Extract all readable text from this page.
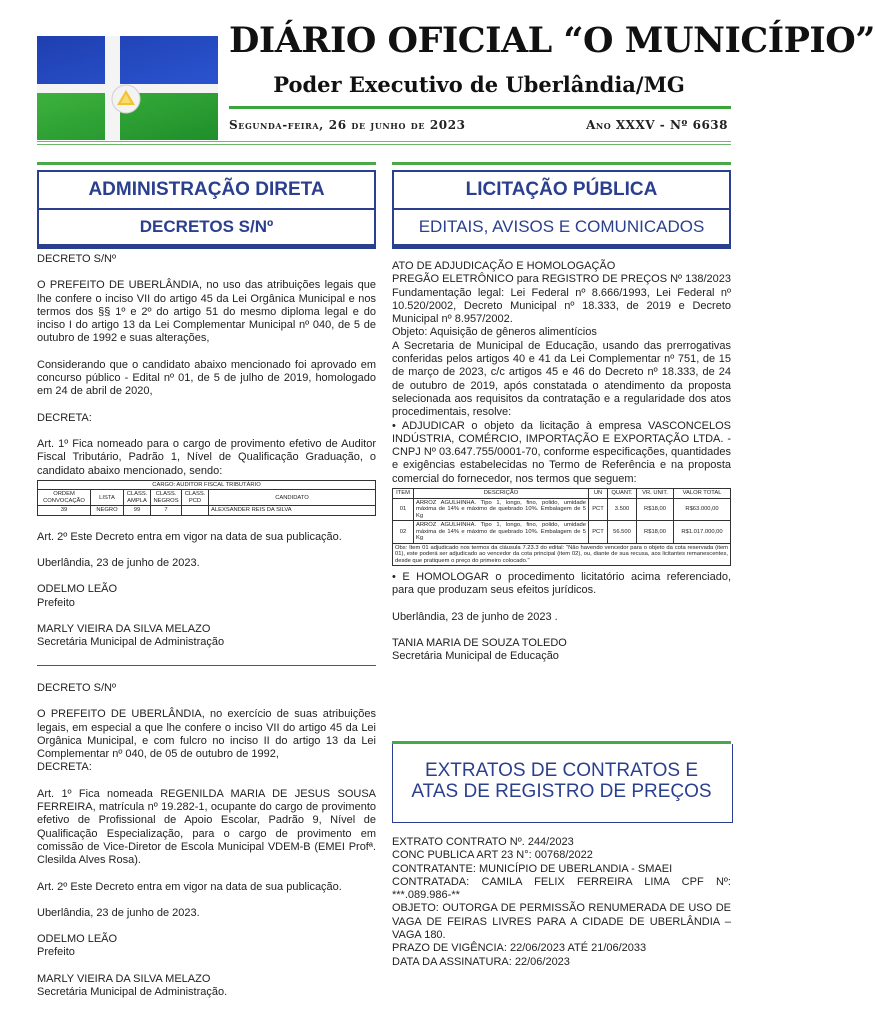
DIÁRIO OFICIAL “O MUNICÍPIO”
Poder Executivo de Uberlândia/MG
Segunda-feira, 26 de junho de 2023	Ano XXXV - Nº 6638
ADMINISTRAÇÃO DIRETA
DECRETOS S/Nº
LICITAÇÃO PÚBLICA
EDITAIS, AVISOS E COMUNICADOS

DECRETO S/Nº

O PREFEITO DE UBERLÂNDIA, no uso das atribuições legais que lhe confere o inciso VII do artigo 45 da Lei Orgânica Municipal e nos termos dos §§ 1º e 2º do artigo 51 do mesmo diploma legal e do inciso I do artigo 13 da Lei Complementar Municipal nº 040, de 5 de outubro de 1992 e suas alterações,

Considerando que o candidato abaixo mencionado foi aprovado em concurso público - Edital nº 01, de 5 de julho de 2019, homologado em 24 de abril de 2020,

DECRETA:

Art. 1º Fica nomeado para o cargo de provimento efetivo de Auditor Fiscal Tributário, Padrão 1, Nível de Qualificação Graduação, o candidato abaixo mencionado, sendo:

CARGO: AUDITOR FISCAL TRIBUTÁRIO					
ORDEM CONVOCAÇÃO	LISTA	CLASS. AMPLA	CLASS. NEGROS	CLASS. PCD	CANDIDATO
39	NEGRO	99	7		ALEXSANDER REIS DA SILVA

Art. 2º Este Decreto entra em vigor na data de sua publicação.

Uberlândia, 23 de junho de 2023.

ODELMO LEÃO

Prefeito

MARLY VIEIRA DA SILVA MELAZO

Secretária Municipal de Administração

DECRETO S/Nº

O PREFEITO DE UBERLÂNDIA, no exercício de suas atribuições legais, em especial a que lhe confere o inciso VII do artigo 45 da Lei Orgânica Municipal, e com fulcro no inciso II do artigo 13 da Lei Complementar nº 040, de 05 de outubro de 1992,

DECRETA:

Art. 1º Fica nomeada REGENILDA MARIA DE JESUS SOUSA FERREIRA, matrícula nº 19.282-1, ocupante do cargo de provimento efetivo de Profissional de Apoio Escolar, Padrão 9, Nível de Qualificação Especialização, para o cargo de provimento em comissão de Vice-Diretor de Escola Municipal VDEM-B (EMEI Profª. Clesilda Alves Rosa).

Art. 2º Este Decreto entra em vigor na data de sua publicação.

Uberlândia, 23 de junho de 2023.

ODELMO LEÃO

Prefeito

MARLY VIEIRA DA SILVA MELAZO

Secretária Municipal de Administração.

ATO DE ADJUDICAÇÃO E HOMOLOGAÇÃO

PREGÃO ELETRÔNICO para REGISTRO DE PREÇOS Nº 138/2023

Fundamentação legal: Lei Federal nº 8.666/1993, Lei Federal nº 10.520/2002, Decreto Municipal nº 18.333, de 2019 e Decreto Municipal nº 8.957/2002.

Objeto: Aquisição de gêneros alimentícios

A Secretaria de Municipal de Educação, usando das prerrogativas conferidas pelos artigos 40 e 41 da Lei Complementar nº 751, de 15 de março de 2023, c/c artigos 45 e 46 do Decreto nº 18.333, de 24 de outubro de 2019, após constatada o atendimento da proposta selecionada aos requisitos da contratação e a regularidade dos atos procedimentais, resolve:

• ADJUDICAR o objeto da licitação à empresa VASCONCELOS INDÚSTRIA, COMÉRCIO, IMPORTAÇÃO E EXPORTAÇÃO LTDA. - CNPJ Nº 03.647.755/0001-70, conforme especificações, quantidades e exigências estabelecidas no Termo de Referência e na proposta comercial do fornecedor, nos termos que seguem:

ITEM	DESCRIÇÃO	UN	QUANT.	VR. UNIT.	VALOR TOTAL
01	ARROZ AGULHINHA. Tipo 1, longo, fino, polido, umidade máxima de 14% e máximo de quebrado 10%. Embalagem de 5 Kg	PCT	3.500	R$18,00	R$63.000,00
02	ARROZ AGULHINHA. Tipo 1, longo, fino, polido, umidade máxima de 14% e máximo de quebrado 10%. Embalagem de 5 Kg	PCT	56.500	R$18,00	R$1.017.000,00
Obs: Item 01 adjudicado nos termos da cláusula 7.23.3 do edital: "Não havendo vencedor para o objeto da cota reservada (item 01), este poderá ser adjudicado ao vencedor da cota principal (item 02), ou, diante de sua recusa, aos licitantes remanescentes, desde que pratiquem o preço do primeiro colocado."					

• E HOMOLOGAR o procedimento licitatório acima referenciado, para que produzam seus efeitos jurídicos.

Uberlândia, 23 de junho de 2023 .

TANIA MARIA DE SOUZA TOLEDO

Secretária Municipal de Educação

EXTRATOS DE CONTRATOS E
ATAS DE REGISTRO DE PREÇOS

EXTRATO CONTRATO Nº. 244/2023

CONC PUBLICA ART 23 N°: 00768/2022

CONTRATANTE: MUNICÍPIO DE UBERLANDIA - SMAEI

CONTRATADA: CAMILA FELIX FERREIRA LIMA CPF Nº: ***.089.986-**

OBJETO: OUTORGA DE PERMISSÃO RENUMERADA DE USO DE VAGA DE FEIRAS LIVRES PARA A CIDADE DE UBERLÂNDIA – VAGA 180.

PRAZO DE VIGÊNCIA: 22/06/2023 ATÉ 21/06/2033

DATA DA ASSINATURA: 22/06/2023
